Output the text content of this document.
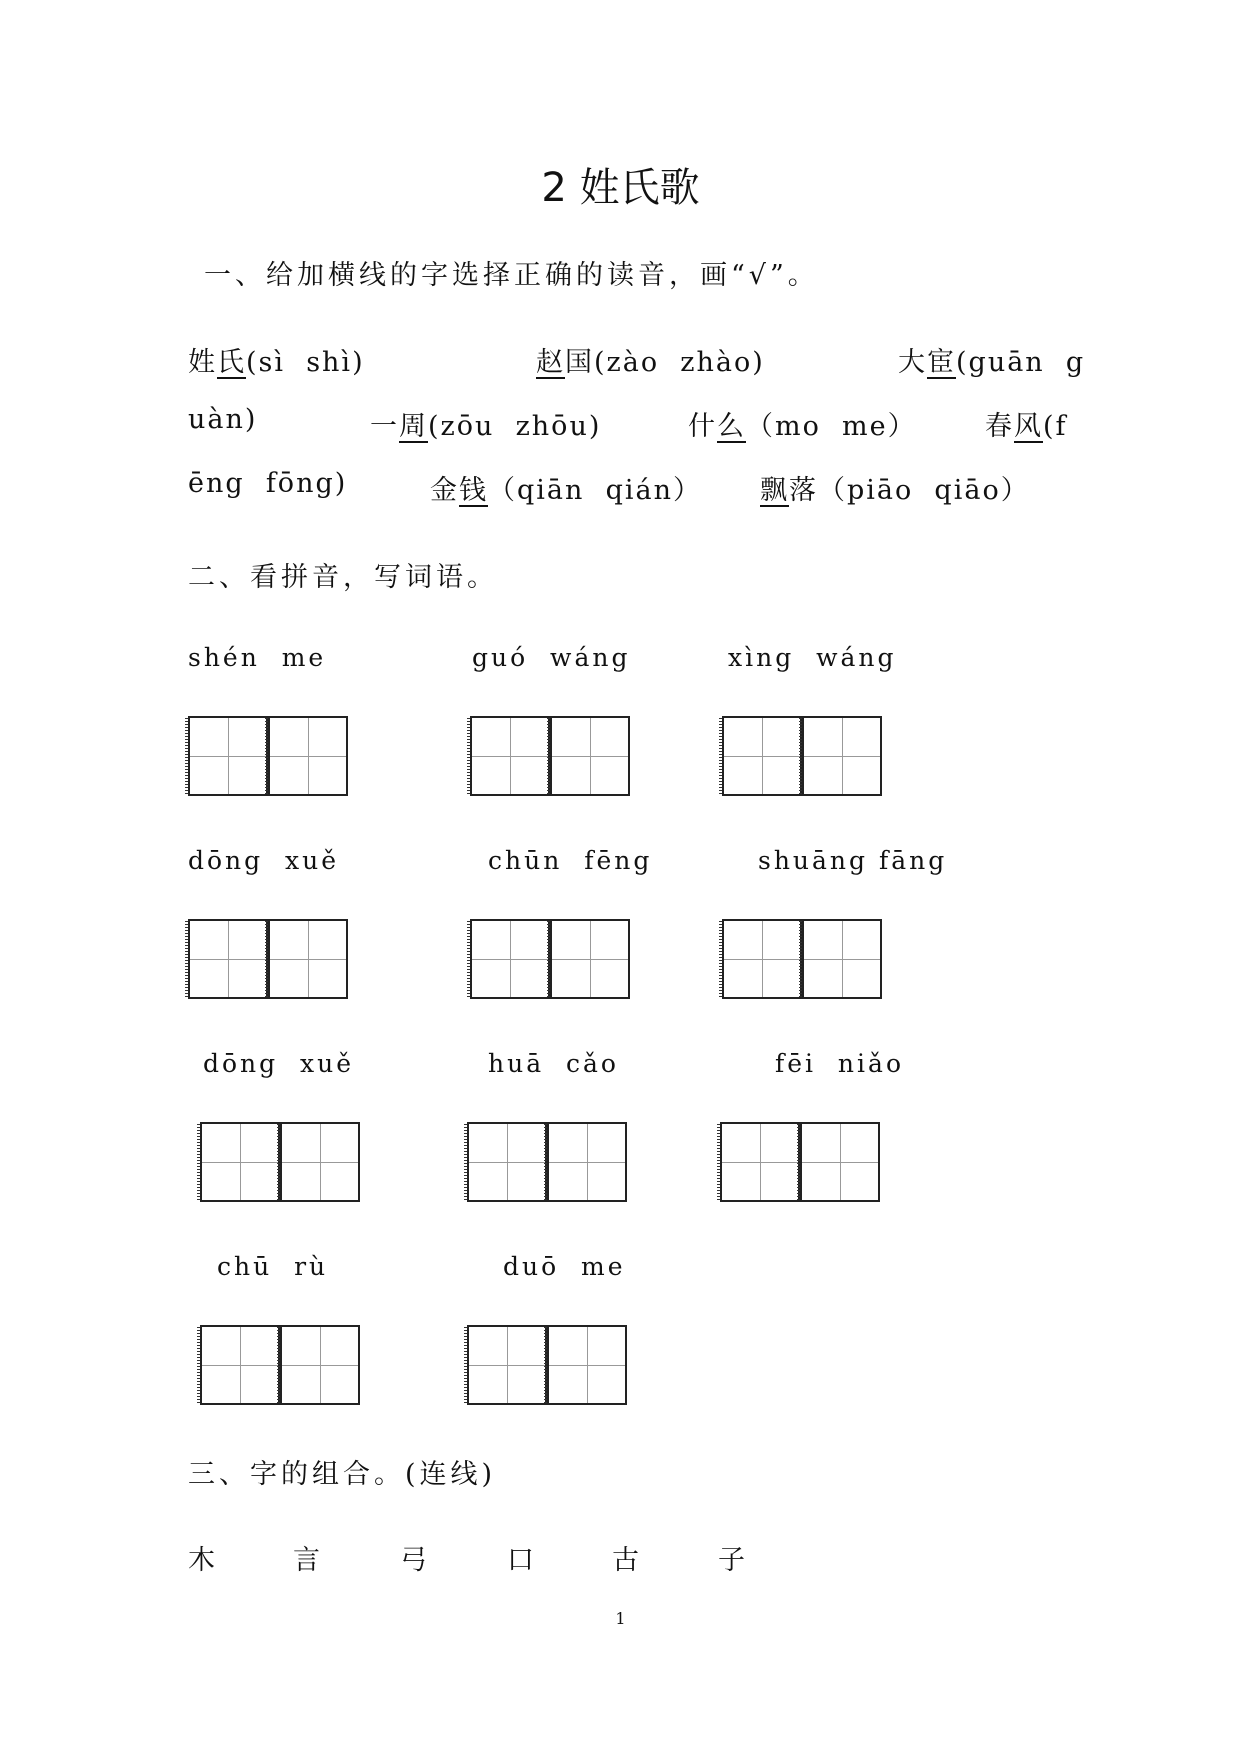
2 姓氏歌
一、给加横线的字选择正确的读音，画“√”。
姓氏(sì  shì)	赵国(zào  zhào)	大宦(guān  g
uàn)	一周(zōu  zhōu)	什么（mo  me）	春风(f
ēng  fōng)	金钱（qiān  qián） 飘落（piāo  qiāo）
二、看拼音，写词语。
shén  me	guó  wáng	xìng  wáng
dōng  xuě	chūn  fēng	shuāng fāng
dōng  xuě	huā  cǎo	fēi  niǎo
chū  rù	duō  me
三、字的组合。(连线)
木	言	弓	口	古	子
1
